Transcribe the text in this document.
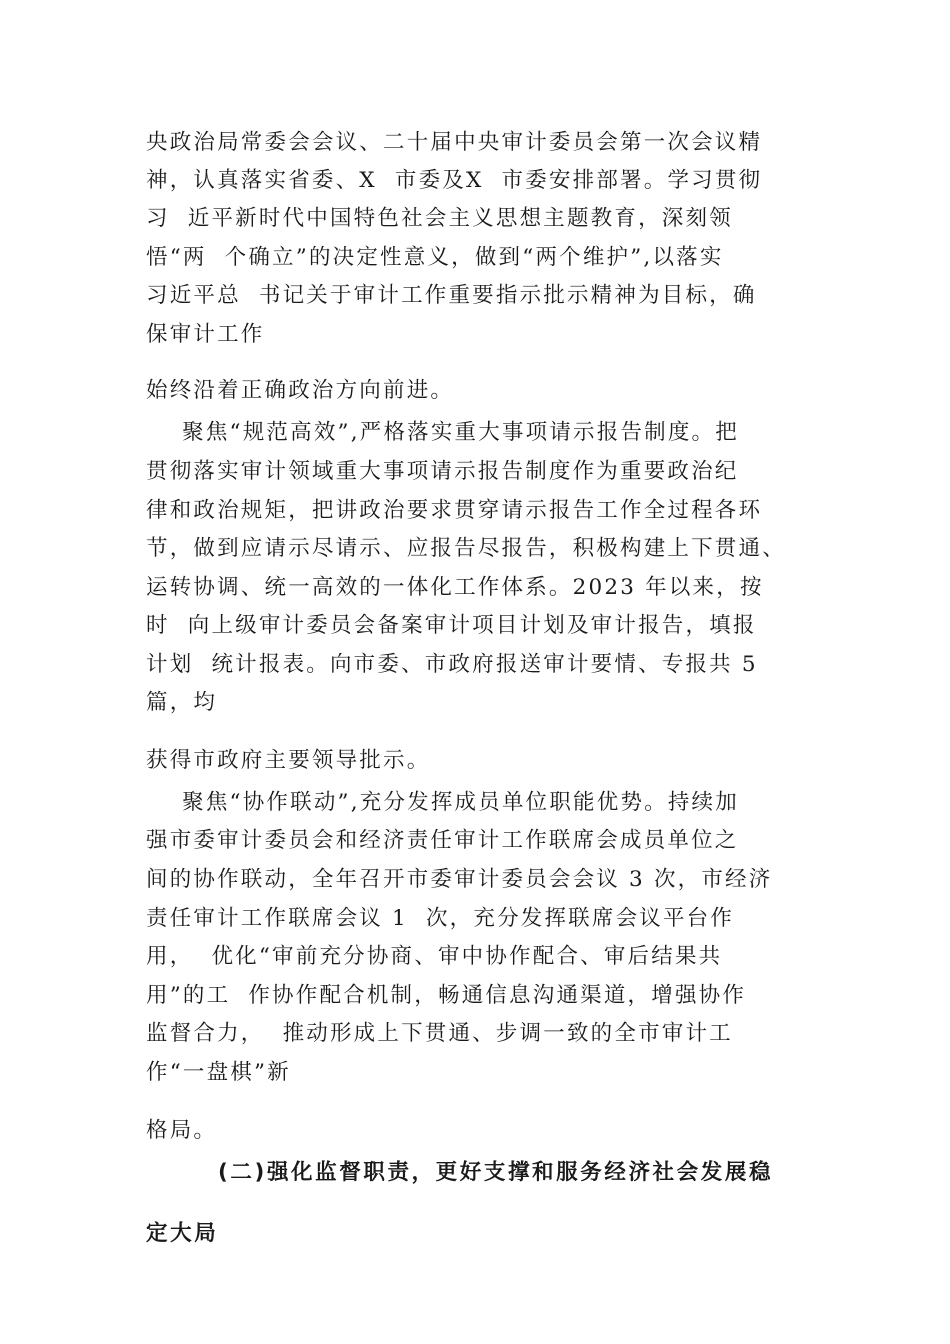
央政治局常委会会议、二十届中央审计委员会第一次会议精
神，认真落实省委、X  市委及X  市委安排部署。学习贯彻
习  近平新时代中国特色社会主义思想主题教育，深刻领
悟“两  个确立”的决定性意义，做到“两个维护”,以落实
习近平总  书记关于审计工作重要指示批示精神为目标，确
保审计工作
始终沿着正确政治方向前进。
聚焦“规范高效”,严格落实重大事项请示报告制度。把
贯彻落实审计领域重大事项请示报告制度作为重要政治纪
律和政治规矩，把讲政治要求贯穿请示报告工作全过程各环
节，做到应请示尽请示、应报告尽报告，积极构建上下贯通、
运转协调、统一高效的一体化工作体系。2023 年以来，按
时  向上级审计委员会备案审计项目计划及审计报告，填报
计划  统计报表。向市委、市政府报送审计要情、专报共 5
篇，均
获得市政府主要领导批示。
聚焦“协作联动”,充分发挥成员单位职能优势。持续加
强市委审计委员会和经济责任审计工作联席会成员单位之
间的协作联动，全年召开市委审计委员会会议 3 次，市经济
责任审计工作联席会议 1  次，充分发挥联席会议平台作
用，  优化“审前充分协商、审中协作配合、审后结果共
用”的工  作协作配合机制，畅通信息沟通渠道，增强协作
监督合力，  推动形成上下贯通、步调一致的全市审计工
作“一盘棋”新
格局。
(二)强化监督职责，更好支撑和服务经济社会发展稳
定大局
